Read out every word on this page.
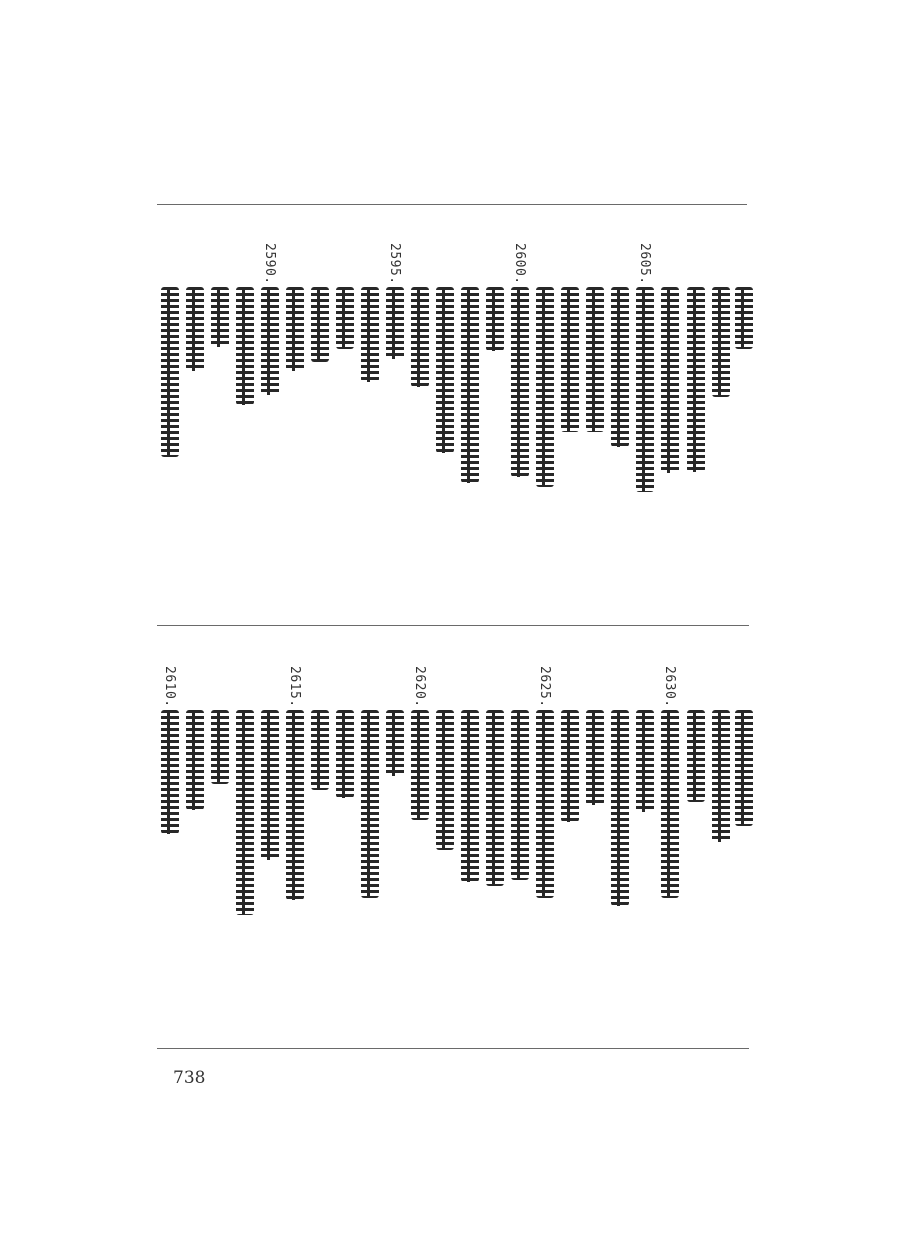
2605.
2600.
2595.
2590.
2630.
2625.
2620.
2615.
2610.
738
